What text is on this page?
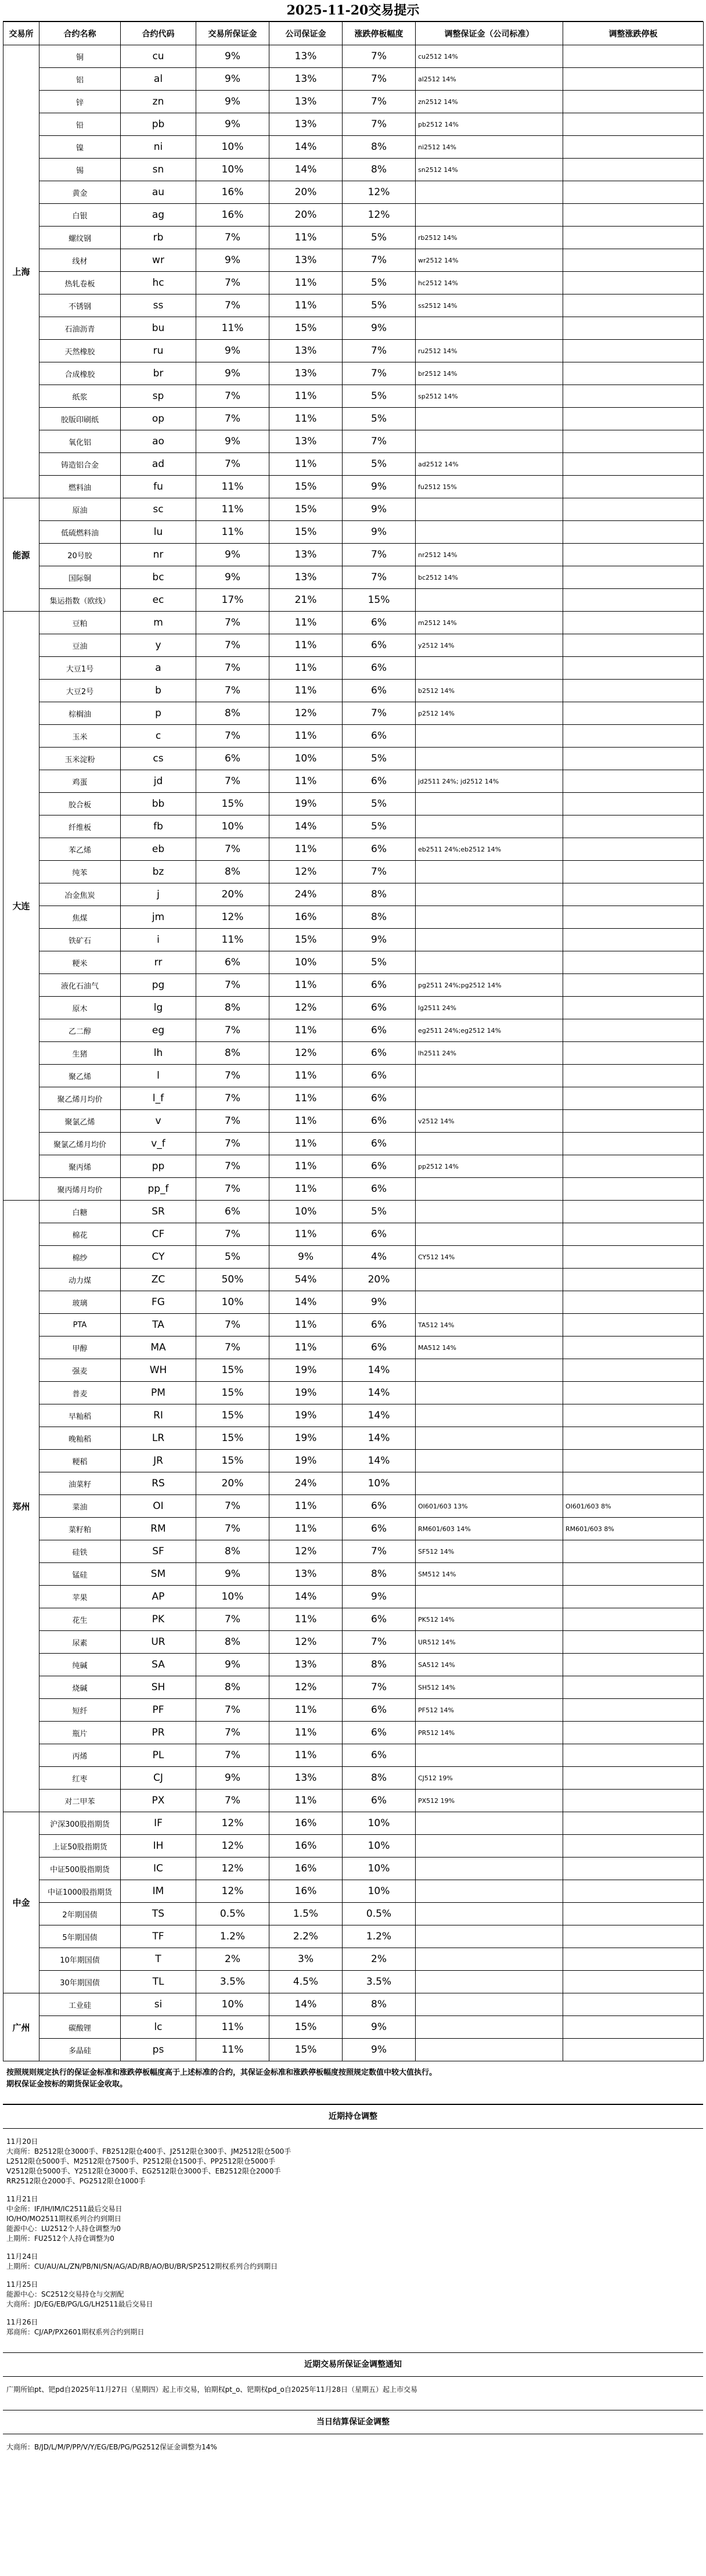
2025-11-20交易提示
交易所	合约名称	合约代码	交易所保证金	公司保证金	涨跌停板幅度	调整保证金（公司标准）	调整涨跌停板
上海	铜	cu	9%	13%	7%	cu2512 14%	
	铝	al	9%	13%	7%	al2512 14%	
	锌	zn	9%	13%	7%	zn2512 14%	
	铅	pb	9%	13%	7%	pb2512 14%	
	镍	ni	10%	14%	8%	ni2512 14%	
	锡	sn	10%	14%	8%	sn2512 14%	
	黄金	au	16%	20%	12%		
	白银	ag	16%	20%	12%		
	螺纹钢	rb	7%	11%	5%	rb2512 14%	
	线材	wr	9%	13%	7%	wr2512 14%	
	热轧卷板	hc	7%	11%	5%	hc2512 14%	
	不锈钢	ss	7%	11%	5%	ss2512 14%	
	石油沥青	bu	11%	15%	9%		
	天然橡胶	ru	9%	13%	7%	ru2512 14%	
	合成橡胶	br	9%	13%	7%	br2512 14%	
	纸浆	sp	7%	11%	5%	sp2512 14%	
	胶版印刷纸	op	7%	11%	5%		
	氧化铝	ao	9%	13%	7%		
	铸造铝合金	ad	7%	11%	5%	ad2512 14%	
	燃料油	fu	11%	15%	9%	fu2512 15%	
能源	原油	sc	11%	15%	9%		
	低硫燃料油	lu	11%	15%	9%		
	20号胶	nr	9%	13%	7%	nr2512 14%	
	国际铜	bc	9%	13%	7%	bc2512 14%	
	集运指数（欧线）	ec	17%	21%	15%		
大连	豆粕	m	7%	11%	6%	m2512 14%	
	豆油	y	7%	11%	6%	y2512 14%	
	大豆1号	a	7%	11%	6%		
	大豆2号	b	7%	11%	6%	b2512 14%	
	棕榈油	p	8%	12%	7%	p2512 14%	
	玉米	c	7%	11%	6%		
	玉米淀粉	cs	6%	10%	5%		
	鸡蛋	jd	7%	11%	6%	jd2511 24%; jd2512 14%	
	胶合板	bb	15%	19%	5%		
	纤维板	fb	10%	14%	5%		
	苯乙烯	eb	7%	11%	6%	eb2511 24%;eb2512 14%	
	纯苯	bz	8%	12%	7%		
	冶金焦炭	j	20%	24%	8%		
	焦煤	jm	12%	16%	8%		
	铁矿石	i	11%	15%	9%		
	粳米	rr	6%	10%	5%		
	液化石油气	pg	7%	11%	6%	pg2511 24%;pg2512 14%	
	原木	lg	8%	12%	6%	lg2511 24%	
	乙二醇	eg	7%	11%	6%	eg2511 24%;eg2512 14%	
	生猪	lh	8%	12%	6%	lh2511 24%	
	聚乙烯	l	7%	11%	6%		
	聚乙烯月均价	l_f	7%	11%	6%		
	聚氯乙烯	v	7%	11%	6%	v2512 14%	
	聚氯乙烯月均价	v_f	7%	11%	6%		
	聚丙烯	pp	7%	11%	6%	pp2512 14%	
	聚丙烯月均价	pp_f	7%	11%	6%		
郑州	白糖	SR	6%	10%	5%		
	棉花	CF	7%	11%	6%		
	棉纱	CY	5%	9%	4%	CY512 14%	
	动力煤	ZC	50%	54%	20%		
	玻璃	FG	10%	14%	9%		
	PTA	TA	7%	11%	6%	TA512 14%	
	甲醇	MA	7%	11%	6%	MA512 14%	
	强麦	WH	15%	19%	14%		
	普麦	PM	15%	19%	14%		
	早籼稻	RI	15%	19%	14%		
	晚籼稻	LR	15%	19%	14%		
	粳稻	JR	15%	19%	14%		
	油菜籽	RS	20%	24%	10%		
	菜油	OI	7%	11%	6%	OI601/603 13%	OI601/603 8%
	菜籽粕	RM	7%	11%	6%	RM601/603 14%	RM601/603 8%
	硅铁	SF	8%	12%	7%	SF512 14%	
	锰硅	SM	9%	13%	8%	SM512 14%	
	苹果	AP	10%	14%	9%		
	花生	PK	7%	11%	6%	PK512 14%	
	尿素	UR	8%	12%	7%	UR512 14%	
	纯碱	SA	9%	13%	8%	SA512 14%	
	烧碱	SH	8%	12%	7%	SH512 14%	
	短纤	PF	7%	11%	6%	PF512 14%	
	瓶片	PR	7%	11%	6%	PR512 14%	
	丙烯	PL	7%	11%	6%		
	红枣	CJ	9%	13%	8%	CJ512 19%	
	对二甲苯	PX	7%	11%	6%	PX512 19%	
中金	沪深300股指期货	IF	12%	16%	10%		
	上证50股指期货	IH	12%	16%	10%		
	中证500股指期货	IC	12%	16%	10%		
	中证1000股指期货	IM	12%	16%	10%		
	2年期国债	TS	0.5%	1.5%	0.5%		
	5年期国债	TF	1.2%	2.2%	1.2%		
	10年期国债	T	2%	3%	2%		
	30年期国债	TL	3.5%	4.5%	3.5%		
广州	工业硅	si	10%	14%	8%		
	碳酸锂	lc	11%	15%	9%		
	多晶硅	ps	11%	15%	9%		
按照规则规定执行的保证金标准和涨跌停板幅度高于上述标准的合约，其保证金标准和涨跌停板幅度按照规定数值中较大值执行。
期权保证金按标的期货保证金收取。
近期持仓调整
11月20日
大商所：B2512限仓3000手、FB2512限仓400手、J2512限仓300手、JM2512限仓500手
L2512限仓5000手、M2512限仓7500手、P2512限仓1500手、PP2512限仓5000手
V2512限仓5000手、Y2512限仓3000手、EG2512限仓3000手、EB2512限仓2000手
RR2512限仓2000手、PG2512限仓1000手
11月21日
中金所：IF/IH/IM/IC2511最后交易日
IO/HO/MO2511期权系列合约到期日
能源中心：LU2512个人持仓调整为0
上期所：FU2512个人持仓调整为0
11月24日
上期所：CU/AU/AL/ZN/PB/NI/SN/AG/AD/RB/AO/BU/BR/SP2512期权系列合约到期日
11月25日
能源中心：SC2512交易持仓与交割配
大商所：JD/EG/EB/PG/LG/LH2511最后交易日
11月26日
郑商所：CJ/AP/PX2601期权系列合约到期日
近期交易所保证金调整通知
广期所铂pt、钯pd自2025年11月27日（星期四）起上市交易，铂期权pt_o、钯期权pd_o自2025年11月28日（星期五）起上市交易
当日结算保证金调整
大商所：B/JD/L/M/P/PP/V/Y/EG/EB/PG/PG2512保证金调整为14%
